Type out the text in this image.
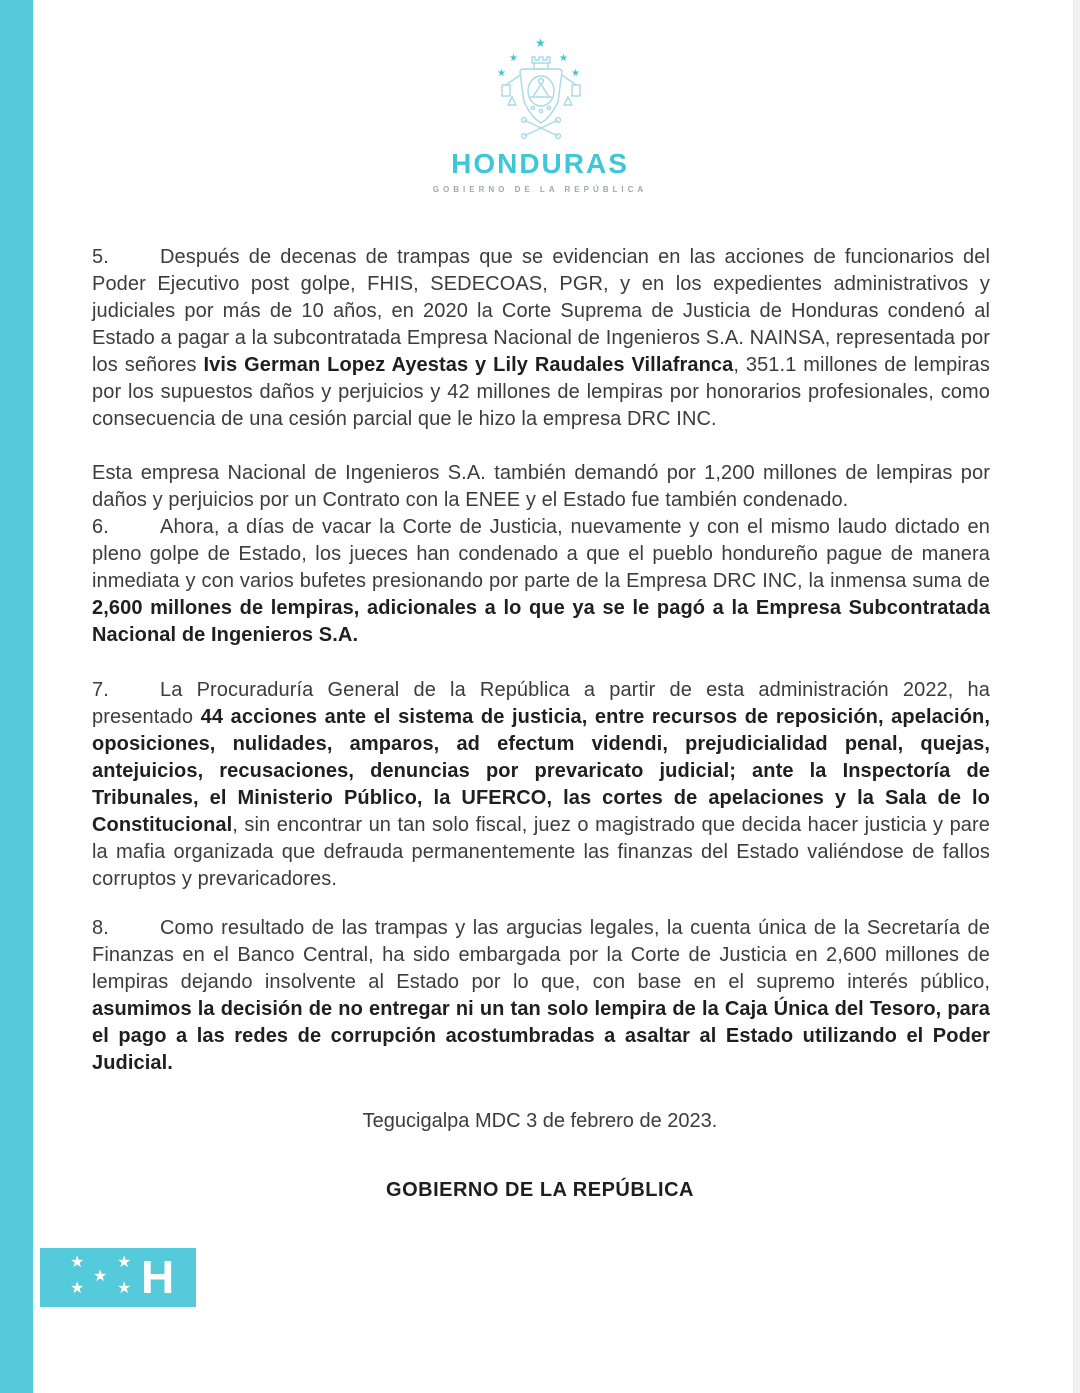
★
★	★
★	★
HONDURAS
GOBIERNO DE LA REPÚBLICA

5.	Después de decenas de trampas que se evidencian en las acciones de funcionarios del Poder Ejecutivo post golpe, FHIS, SEDECOAS, PGR, y en los expedientes administrativos y judiciales por más de 10 años, en 2020 la Corte Suprema de Justicia de Honduras condenó al Estado a pagar a la subcontratada Empresa Nacional de Ingenieros S.A. NAINSA, representada por los señores Ivis German Lopez Ayestas y Lily Raudales Villafranca, 351.1 millones de lempiras por los supuestos daños y perjuicios y 42 millones de lempiras por honorarios profesionales, como consecuencia de una cesión parcial que le hizo la empresa DRC INC.

Esta empresa Nacional de Ingenieros S.A. también demandó por 1,200 millones de lempiras por daños y perjuicios por un Contrato con la ENEE y el Estado fue también condenado.

6.	Ahora, a días de vacar la Corte de Justicia, nuevamente y con el mismo laudo dictado en pleno golpe de Estado, los jueces han condenado a que el pueblo hondureño pague de manera inmediata y con varios bufetes presionando por parte de la Empresa DRC INC, la inmensa suma de 2,600 millones de lempiras, adicionales a lo que ya se le pagó a la Empresa Subcontratada Nacional de Ingenieros S.A.

7.	La Procuraduría General de la República a partir de esta administración 2022, ha presentado 44 acciones ante el sistema de justicia, entre recursos de reposición, apelación, oposiciones, nulidades, amparos, ad efectum videndi, prejudicialidad penal, quejas, antejuicios, recusaciones, denuncias por prevaricato judicial; ante la Inspectoría de Tribunales, el Ministerio Público, la UFERCO, las cortes de apelaciones y la Sala de lo Constitucional, sin encontrar un tan solo fiscal, juez o magistrado que decida hacer justicia y pare la mafia organizada que defrauda permanentemente las finanzas del Estado valiéndose de fallos corruptos y prevaricadores.

8.	Como resultado de las trampas y las argucias legales, la cuenta única de la Secretaría de Finanzas en el Banco Central, ha sido embargada por la Corte de Justicia en 2,600 millones de lempiras dejando insolvente al Estado por lo que, con base en el supremo interés público, asumimos la decisión de no entregar ni un tan solo lempira de la Caja Única del Tesoro, para el pago a las redes de corrupción acostumbradas a asaltar al Estado utilizando el Poder Judicial.

Tegucigalpa MDC 3 de febrero de 2023.
GOBIERNO DE LA REPÚBLICA
★ ★
★
★ ★ H
